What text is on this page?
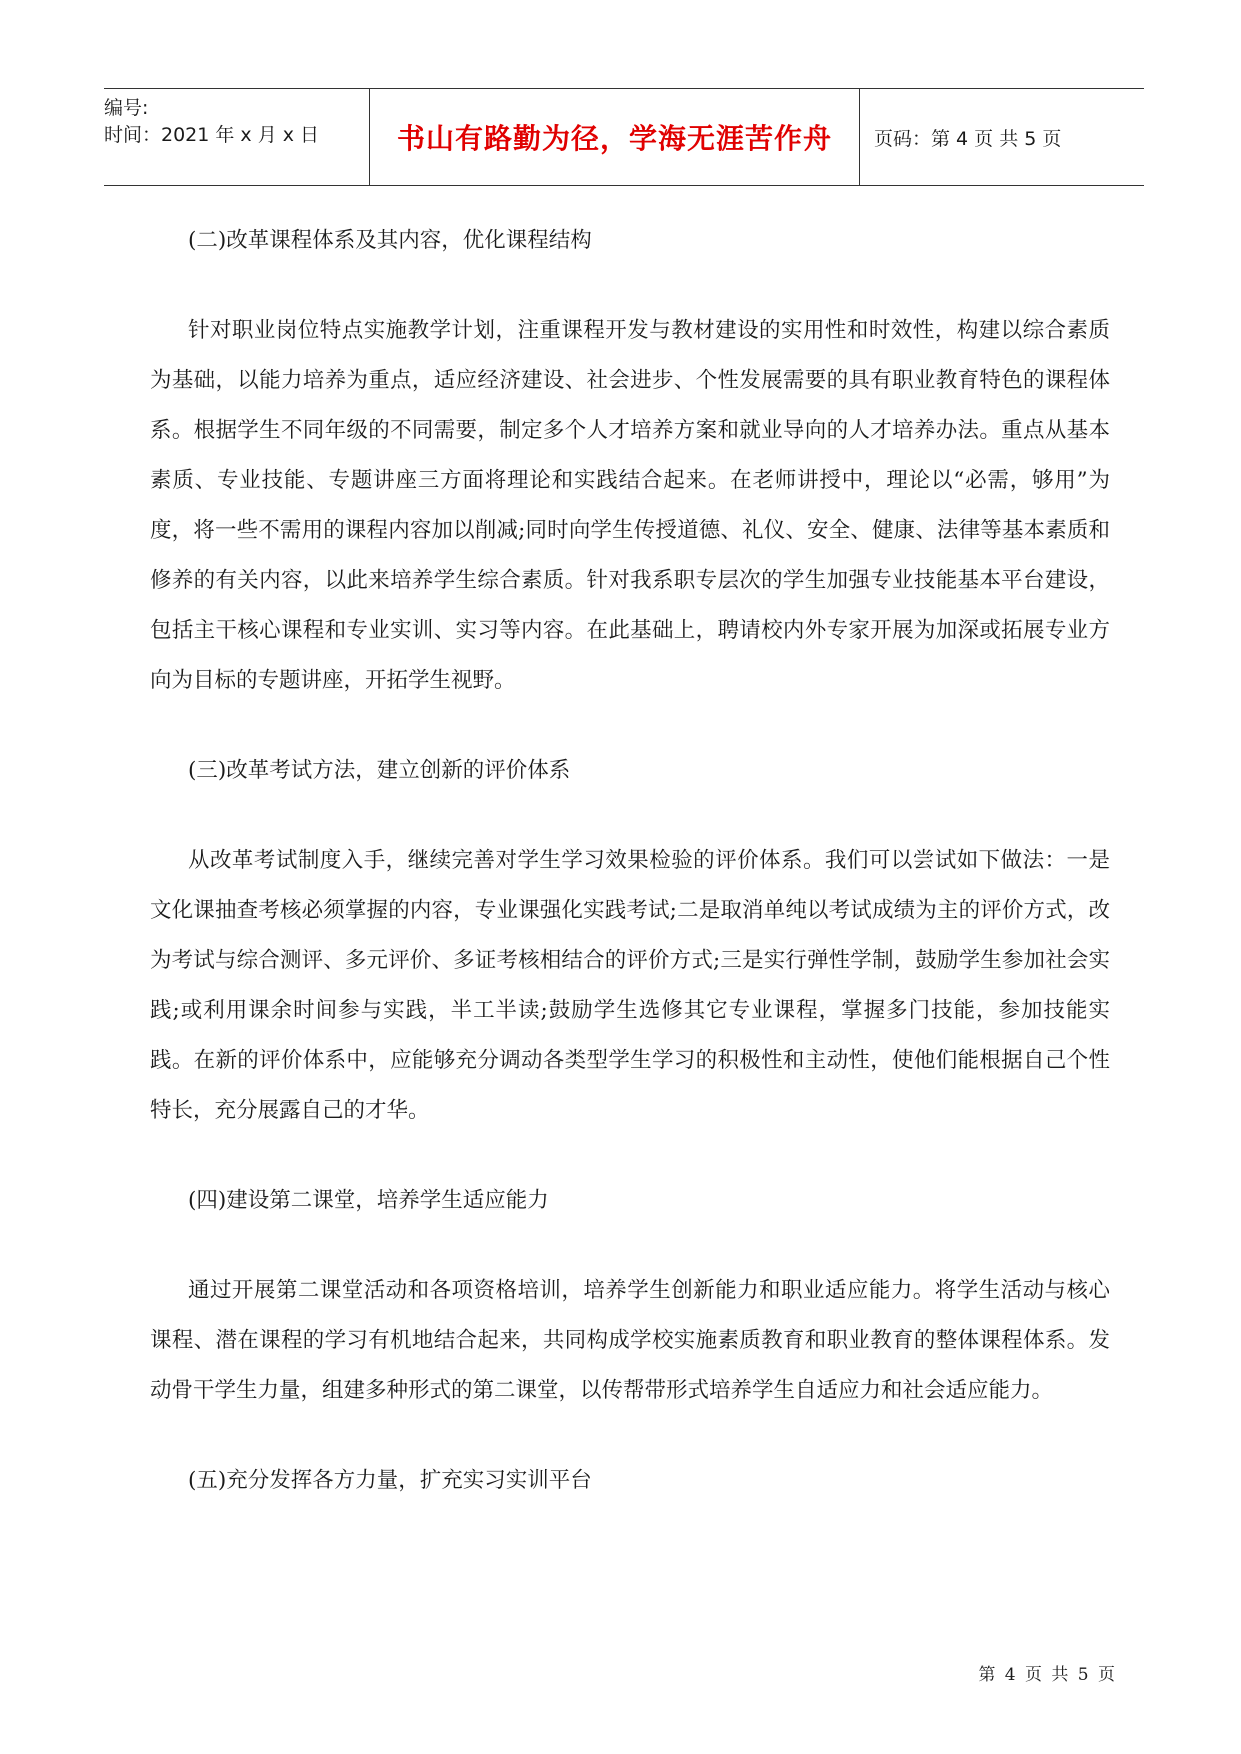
编号:
时间：2021 年 x 月 x 日	书山有路勤为径，学海无涯苦作舟 页码：第 4 页 共 5 页

(二)改革课程体系及其内容，优化课程结构

针对职业岗位特点实施教学计划，注重课程开发与教材建设的实用性和时效性，构建以综合素质为基础，以能力培养为重点，适应经济建设、社会进步、个性发展需要的具有职业教育特色的课程体系。根据学生不同年级的不同需要，制定多个人才培养方案和就业导向的人才培养办法。重点从基本素质、专业技能、专题讲座三方面将理论和实践结合起来。在老师讲授中，理论以“必需，够用”为度，将一些不需用的课程内容加以削减;同时向学生传授道德、礼仪、安全、健康、法律等基本素质和修养的有关内容，以此来培养学生综合素质。针对我系职专层次的学生加强专业技能基本平台建设，包括主干核心课程和专业实训、实习等内容。在此基础上，聘请校内外专家开展为加深或拓展专业方向为目标的专题讲座，开拓学生视野。

(三)改革考试方法，建立创新的评价体系

从改革考试制度入手，继续完善对学生学习效果检验的评价体系。我们可以尝试如下做法：一是文化课抽查考核必须掌握的内容，专业课强化实践考试;二是取消单纯以考试成绩为主的评价方式，改为考试与综合测评、多元评价、多证考核相结合的评价方式;三是实行弹性学制，鼓励学生参加社会实践;或利用课余时间参与实践，半工半读;鼓励学生选修其它专业课程，掌握多门技能，参加技能实践。在新的评价体系中，应能够充分调动各类型学生学习的积极性和主动性，使他们能根据自己个性特长，充分展露自己的才华。

(四)建设第二课堂，培养学生适应能力

通过开展第二课堂活动和各项资格培训，培养学生创新能力和职业适应能力。将学生活动与核心课程、潜在课程的学习有机地结合起来，共同构成学校实施素质教育和职业教育的整体课程体系。发动骨干学生力量，组建多种形式的第二课堂，以传帮带形式培养学生自适应力和社会适应能力。

(五)充分发挥各方力量，扩充实习实训平台

第 4 页 共 5 页
